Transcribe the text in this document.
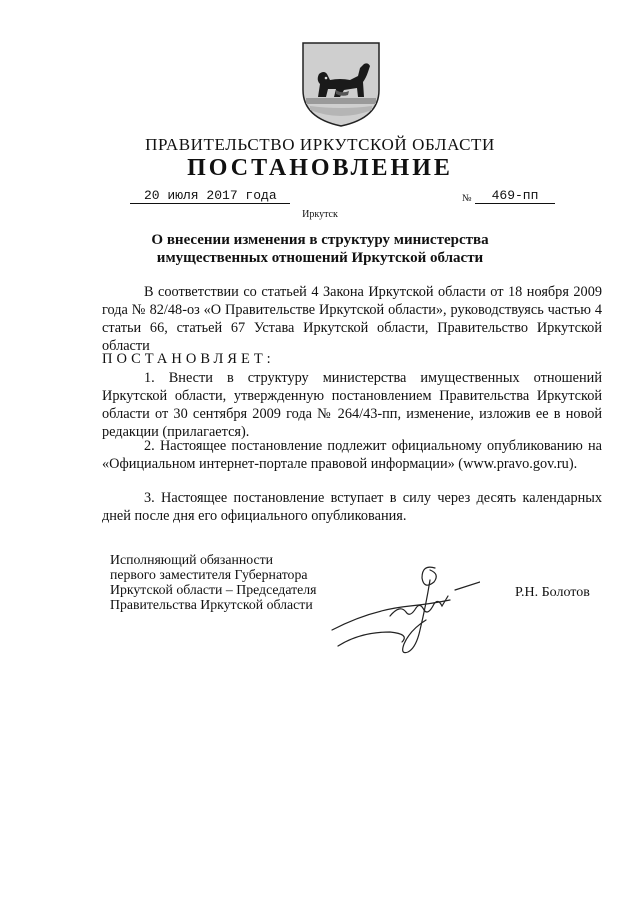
ПРАВИТЕЛЬСТВО ИРКУТСКОЙ ОБЛАСТИ
ПОСТАНОВЛЕНИЕ
20 июля 2017 года	№	469-пп
Иркутск
О внесении изменения в структуру министерства
имущественных отношений Иркутской области
В соответствии со статьей 4 Закона Иркутской области от 18 ноября 2009 года № 82/48-оз «О Правительстве Иркутской области», руководствуясь частью 4 статьи 66, статьей 67 Устава Иркутской области, Правительство Иркутской области
ПОСТАНОВЛЯЕТ:
1. Внести в структуру министерства имущественных отношений Иркутской области, утвержденную постановлением Правительства Иркутской области от 30 сентября 2009 года № 264/43-пп, изменение, изложив ее в новой редакции (прилагается).
2. Настоящее постановление подлежит официальному опубликованию на «Официальном интернет-портале правовой информации» (www.pravo.gov.ru).
3. Настоящее постановление вступает в силу через десять календарных дней после дня его официального опубликования.
Исполняющий обязанности
первого заместителя Губернатора
Иркутской области – Председателя
Правительства Иркутской области
Р.Н. Болотов
